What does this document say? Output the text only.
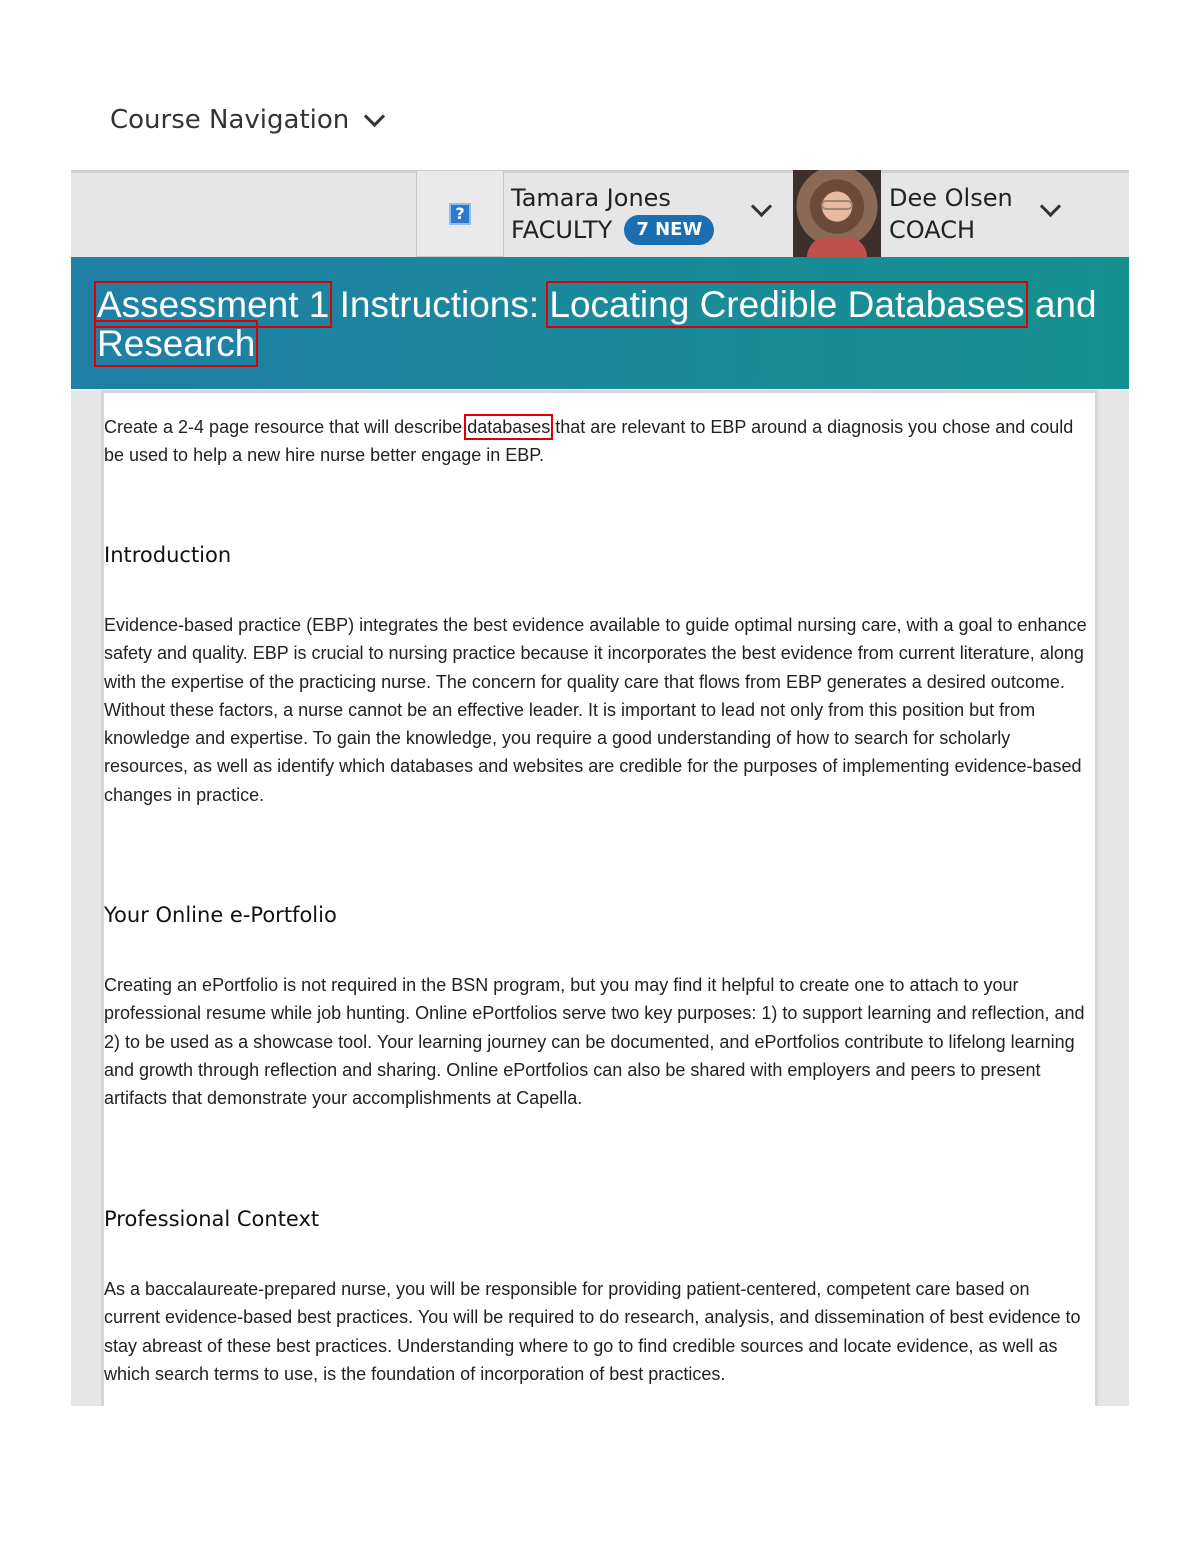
Course Navigation
?
Tamara Jones
FACULTY	7 NEW
Dee Olsen
COACH
Assessment 1 Instructions: Locating Credible Databases and Research

Create a 2-4 page resource that will describe databases that are relevant to EBP around a diagnosis you chose and could be used to help a new hire nurse better engage in EBP.

Introduction

Evidence-based practice (EBP) integrates the best evidence available to guide optimal nursing care, with a goal to enhance safety and quality. EBP is crucial to nursing practice because it incorporates the best evidence from current literature, along with the expertise of the practicing nurse. The concern for quality care that flows from EBP generates a desired outcome. Without these factors, a nurse cannot be an effective leader. It is important to lead not only from this position but from knowledge and expertise. To gain the knowledge, you require a good understanding of how to search for scholarly resources, as well as identify which databases and websites are credible for the purposes of implementing evidence-based changes in practice.

Your Online e-Portfolio

Creating an ePortfolio is not required in the BSN program, but you may find it helpful to create one to attach to your professional resume while job hunting. Online ePortfolios serve two key purposes: 1) to support learning and reflection, and 2) to be used as a showcase tool. Your learning journey can be documented, and ePortfolios contribute to lifelong learning and growth through reflection and sharing. Online ePortfolios can also be shared with employers and peers to present artifacts that demonstrate your accomplishments at Capella.

Professional Context

As a baccalaureate-prepared nurse, you will be responsible for providing patient-centered, competent care based on current evidence-based best practices. You will be required to do research, analysis, and dissemination of best evidence to stay abreast of these best practices. Understanding where to go to find credible sources and locate evidence, as well as which search terms to use, is the foundation of incorporation of best practices.
